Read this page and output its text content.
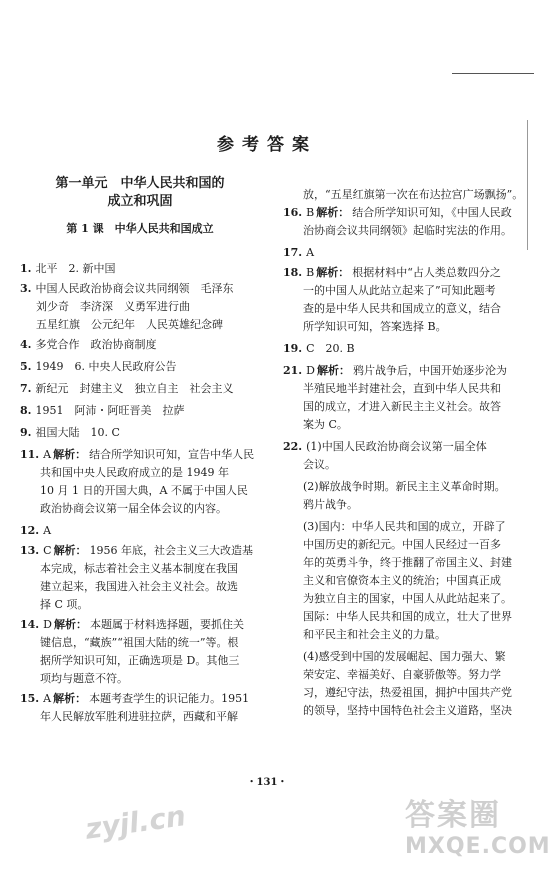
参考答案
第一单元　中华人民共和国的
成立和巩固
第 1 课　中华人民共和国成立
1. 北平　2. 新中国
3. 中国人民政治协商会议共同纲领　毛泽东
刘少奇　李济深　义勇军进行曲
五星红旗　公元纪年　人民英雄纪念碑
4. 多党合作　政治协商制度
5. 1949　6. 中央人民政府公告
7. 新纪元　封建主义　独立自主　社会主义
8. 1951　阿沛・阿旺晋美　拉萨
9. 祖国大陆　10. C
11. A 解析： 结合所学知识可知，宣告中华人民
共和国中央人民政府成立的是 1949 年
10 月 1 日的开国大典，A 不属于中国人民
政治协商会议第一届全体会议的内容。
12. A
13. C 解析： 1956 年底，社会主义三大改造基
本完成，标志着社会主义基本制度在我国
建立起来，我国进入社会主义社会。故选
择 C 项。
14. D 解析： 本题属于材料选择题，要抓住关
键信息，“藏族”“祖国大陆的统一”等。根
据所学知识可知，正确选项是 D。其他三
项均与题意不符。
15. A 解析： 本题考查学生的识记能力。1951
年人民解放军胜利进驻拉萨，西藏和平解
放，“五星红旗第一次在布达拉宫广场飘扬”。
16. B 解析： 结合所学知识可知，《中国人民政
治协商会议共同纲领》起临时宪法的作用。
17. A
18. B 解析： 根据材料中“占人类总数四分之
一的中国人从此站立起来了”可知此题考
查的是中华人民共和国成立的意义，结合
所学知识可知，答案选择 B。
19. C　20. B
21. D 解析： 鸦片战争后，中国开始逐步沦为
半殖民地半封建社会，直到中华人民共和
国的成立，才进入新民主主义社会。故答
案为 C。
22. (1)中国人民政治协商会议第一届全体
会议。
(2)解放战争时期。新民主主义革命时期。
鸦片战争。
(3)国内：中华人民共和国的成立，开辟了
中国历史的新纪元。中国人民经过一百多
年的英勇斗争，终于推翻了帝国主义、封建
主义和官僚资本主义的统治；中国真正成
为独立自主的国家，中国人从此站起来了。
国际：中华人民共和国的成立，壮大了世界
和平民主和社会主义的力量。
(4)感受到中国的发展崛起、国力强大、繁
荣安定、幸福美好、自豪骄傲等。努力学
习，遵纪守法，热爱祖国，拥护中国共产党
的领导，坚持中国特色社会主义道路，坚决
・131・
zyjl.cn	答案圈
MXQE.COM
